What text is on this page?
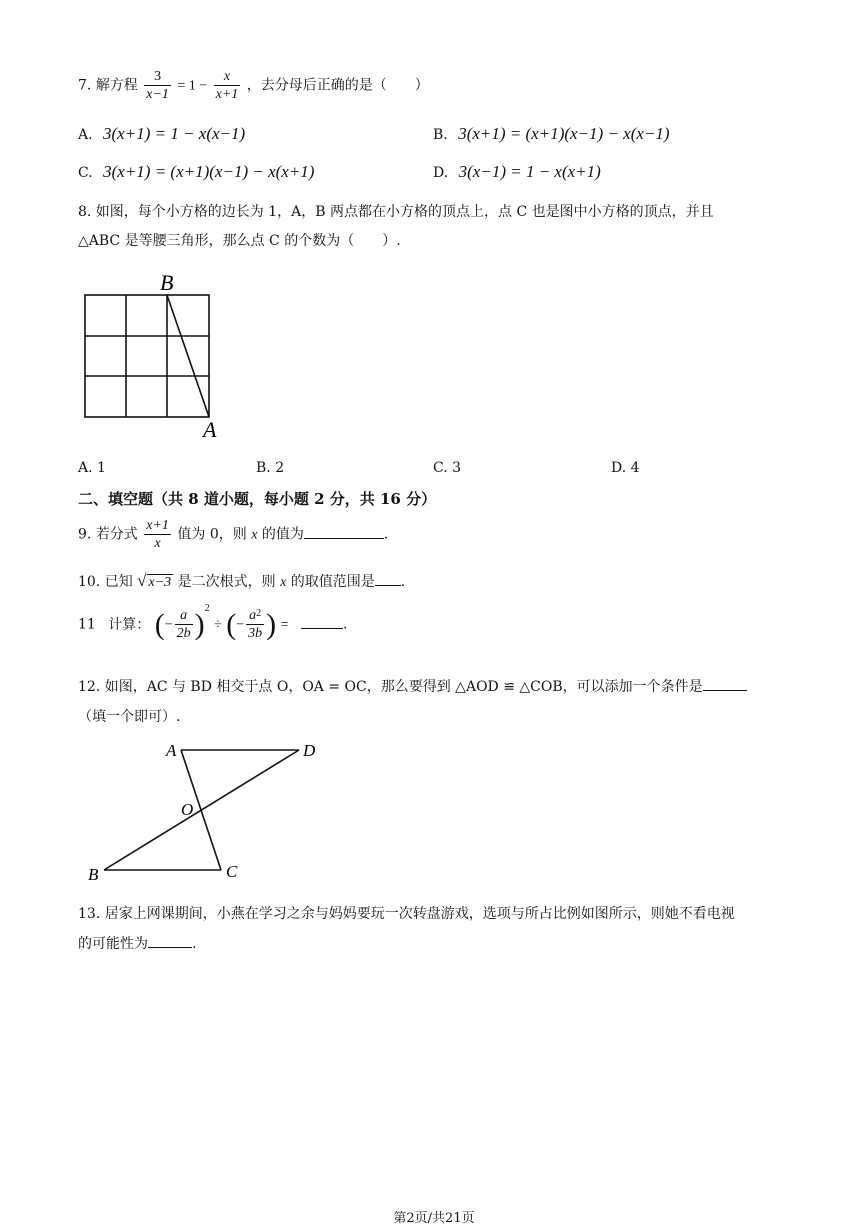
7. 解方程 $\frac{3}{x-1} = 1 - \frac{x}{x+1}$ ，去分母后正确的是（　　）
A. 3(x+1) = 1 − x(x−1)	B. 3(x+1) = (x+1)(x−1) − x(x−1)
C. 3(x+1) = (x+1)(x−1) − x(x+1)	D. 3(x−1) = 1 − x(x+1)
8. 如图，每个小方格的边长为 1，A，B 两点都在小方格的顶点上，点 C 也是图中小方格的顶点，并且
△ABC 是等腰三角形，那么点 C 的个数为（　　）.
B
A
A. 1	B. 2	C. 3	D. 4
二、填空题（共 8 道小题，每小题 2 分，共 16 分）
9. 若分式 $\frac{x+1}{x}$ 值为 0，则 x 的值为	.
10. 已知 √ x−3 是二次根式，则 x 的取值范围是 .
11 计算： (− $\frac{a}{2b} )^2$ ÷ (− $\frac{a^2}{3b}$ ) =	.
12. 如图，AC 与 BD 相交于点 O，OA = OC，那么要得到 △AOD ≌ △COB，可以添加一个条件是
（填一个即可）.
A	D
O
B	C
13. 居家上网课期间，小燕在学习之余与妈妈要玩一次转盘游戏，选项与所占比例如图所示，则她不看电视
的可能性为	.
第2页/共21页
